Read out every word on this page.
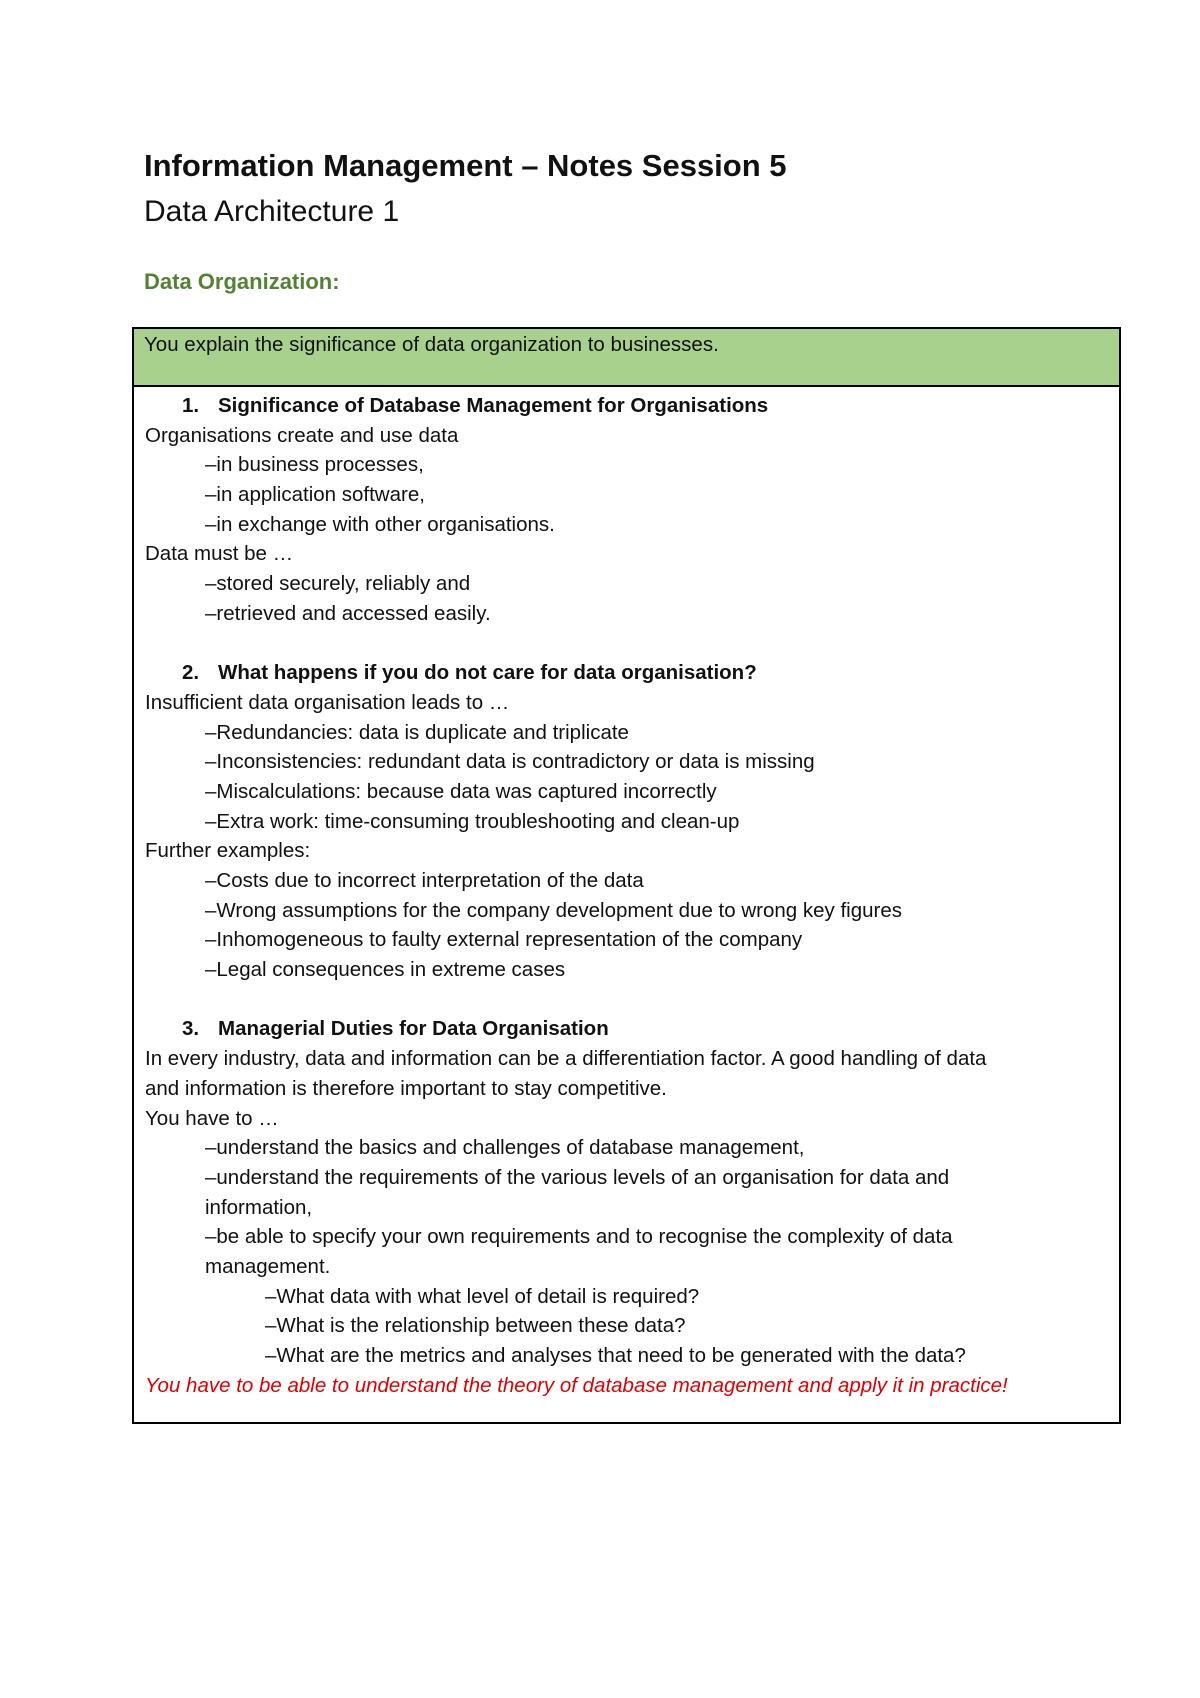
Information Management – Notes Session 5
Data Architecture 1
Data Organization:
You explain the significance of data organization to businesses.
1. Significance of Database Management for Organisations
Organisations create and use data
–in business processes,
–in application software,
–in exchange with other organisations.
Data must be …
–stored securely, reliably and
–retrieved and accessed easily.
2. What happens if you do not care for data organisation?
Insufficient data organisation leads to …
–Redundancies: data is duplicate and triplicate
–Inconsistencies: redundant data is contradictory or data is missing
–Miscalculations: because data was captured incorrectly
–Extra work: time-consuming troubleshooting and clean-up
Further examples:
–Costs due to incorrect interpretation of the data
–Wrong assumptions for the company development due to wrong key figures
–Inhomogeneous to faulty external representation of the company
–Legal consequences in extreme cases
3. Managerial Duties for Data Organisation
In every industry, data and information can be a differentiation factor. A good handling of data
and information is therefore important to stay competitive.
You have to …
–understand the basics and challenges of database management,
–understand the requirements of the various levels of an organisation for data and
information,
–be able to specify your own requirements and to recognise the complexity of data
management.
–What data with what level of detail is required?
–What is the relationship between these data?
–What are the metrics and analyses that need to be generated with the data?
You have to be able to understand the theory of database management and apply it in practice!
